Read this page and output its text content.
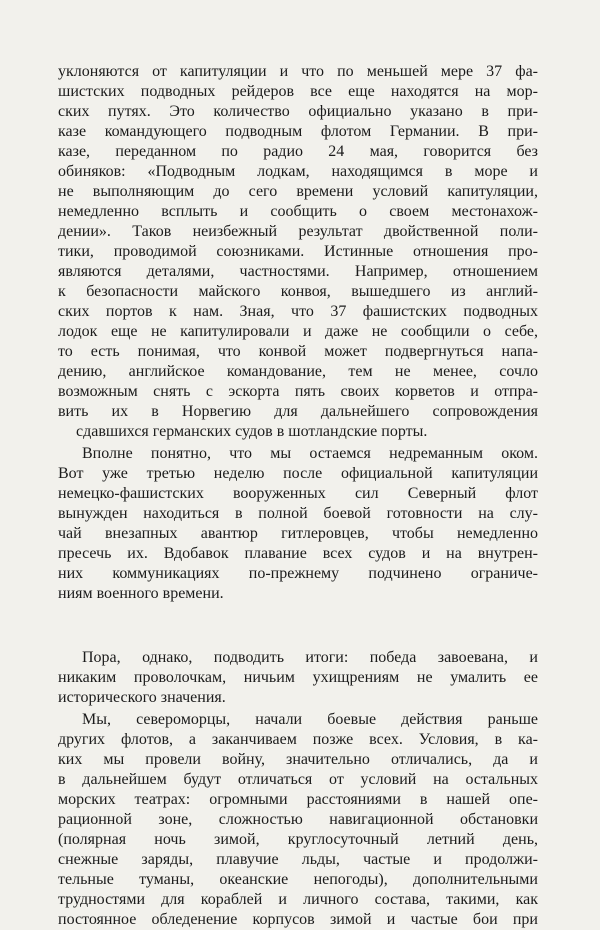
уклоняются от капитуляции и что по меньшей мере 37 фа-
шистских подводных рейдеров все еще находятся на мор-
ских путях. Это количество официально указано в при-
казе командующего подводным флотом Германии. В при-
казе, переданном по радио 24 мая, говорится без
обиняков: «Подводным лодкам, находящимся в море и
не выполняющим до сего времени условий капитуляции,
немедленно всплыть и сообщить о своем местонахож-
дении». Таков неизбежный результат двойственной поли-
тики, проводимой союзниками. Истинные отношения про-
являются деталями, частностями. Например, отношением
к безопасности майского конвоя, вышедшего из англий-
ских портов к нам. Зная, что 37 фашистских подводных
лодок еще не капитулировали и даже не сообщили о себе,
то есть понимая, что конвой может подвергнуться напа-
дению, английское командование, тем не менее, сочло
возможным снять с эскорта пять своих корветов и отпра-
вить их в Норвегию для дальнейшего сопровождения
сдавшихся германских судов в шотландские порты.
Вполне понятно, что мы остаемся недреманным оком.
Вот уже третью неделю после официальной капитуляции
немецко-фашистских вооруженных сил Северный флот
вынужден находиться в полной боевой готовности на слу-
чай внезапных авантюр гитлеровцев, чтобы немедленно
пресечь их. Вдобавок плавание всех судов и на внутрен-
них коммуникациях по-прежнему подчинено ограниче-
ниям военного времени.
Пора, однако, подводить итоги: победа завоевана, и
никаким проволочкам, ничьим ухищрениям не умалить ее
исторического значения.
Мы, североморцы, начали боевые действия раньше
других флотов, а заканчиваем позже всех. Условия, в ка-
ких мы провели войну, значительно отличались, да и
в дальнейшем будут отличаться от условий на остальных
морских театрах: огромными расстояниями в нашей опе-
рационной зоне, сложностью навигационной обстановки
(полярная ночь зимой, круглосуточный летний день,
снежные заряды, плавучие льды, частые и продолжи-
тельные туманы, океанские непогоды), дополнительными
трудностями для кораблей и личного состава, такими, как
постоянное обледенение корпусов зимой и частые бои при
